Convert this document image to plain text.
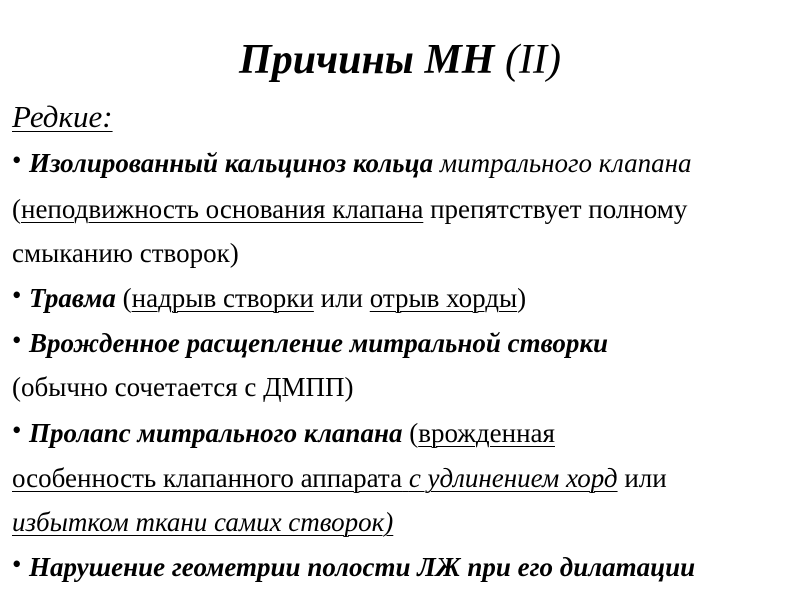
Причины МН (II)
Редкие:
• Изолированный кальциноз кольца митрального клапана
(неподвижность основания клапана препятствует полному
смыканию створок)
• Травма (надрыв створки или отрыв хорды)
• Врожденное расщепление митральной створки
(обычно сочетается с ДМПП)
• Пролапс митрального клапана (врожденная
особенность клапанного аппарата с удлинением хорд или
избытком ткани самих створок)
• Нарушение геометрии полости ЛЖ при его дилатации
